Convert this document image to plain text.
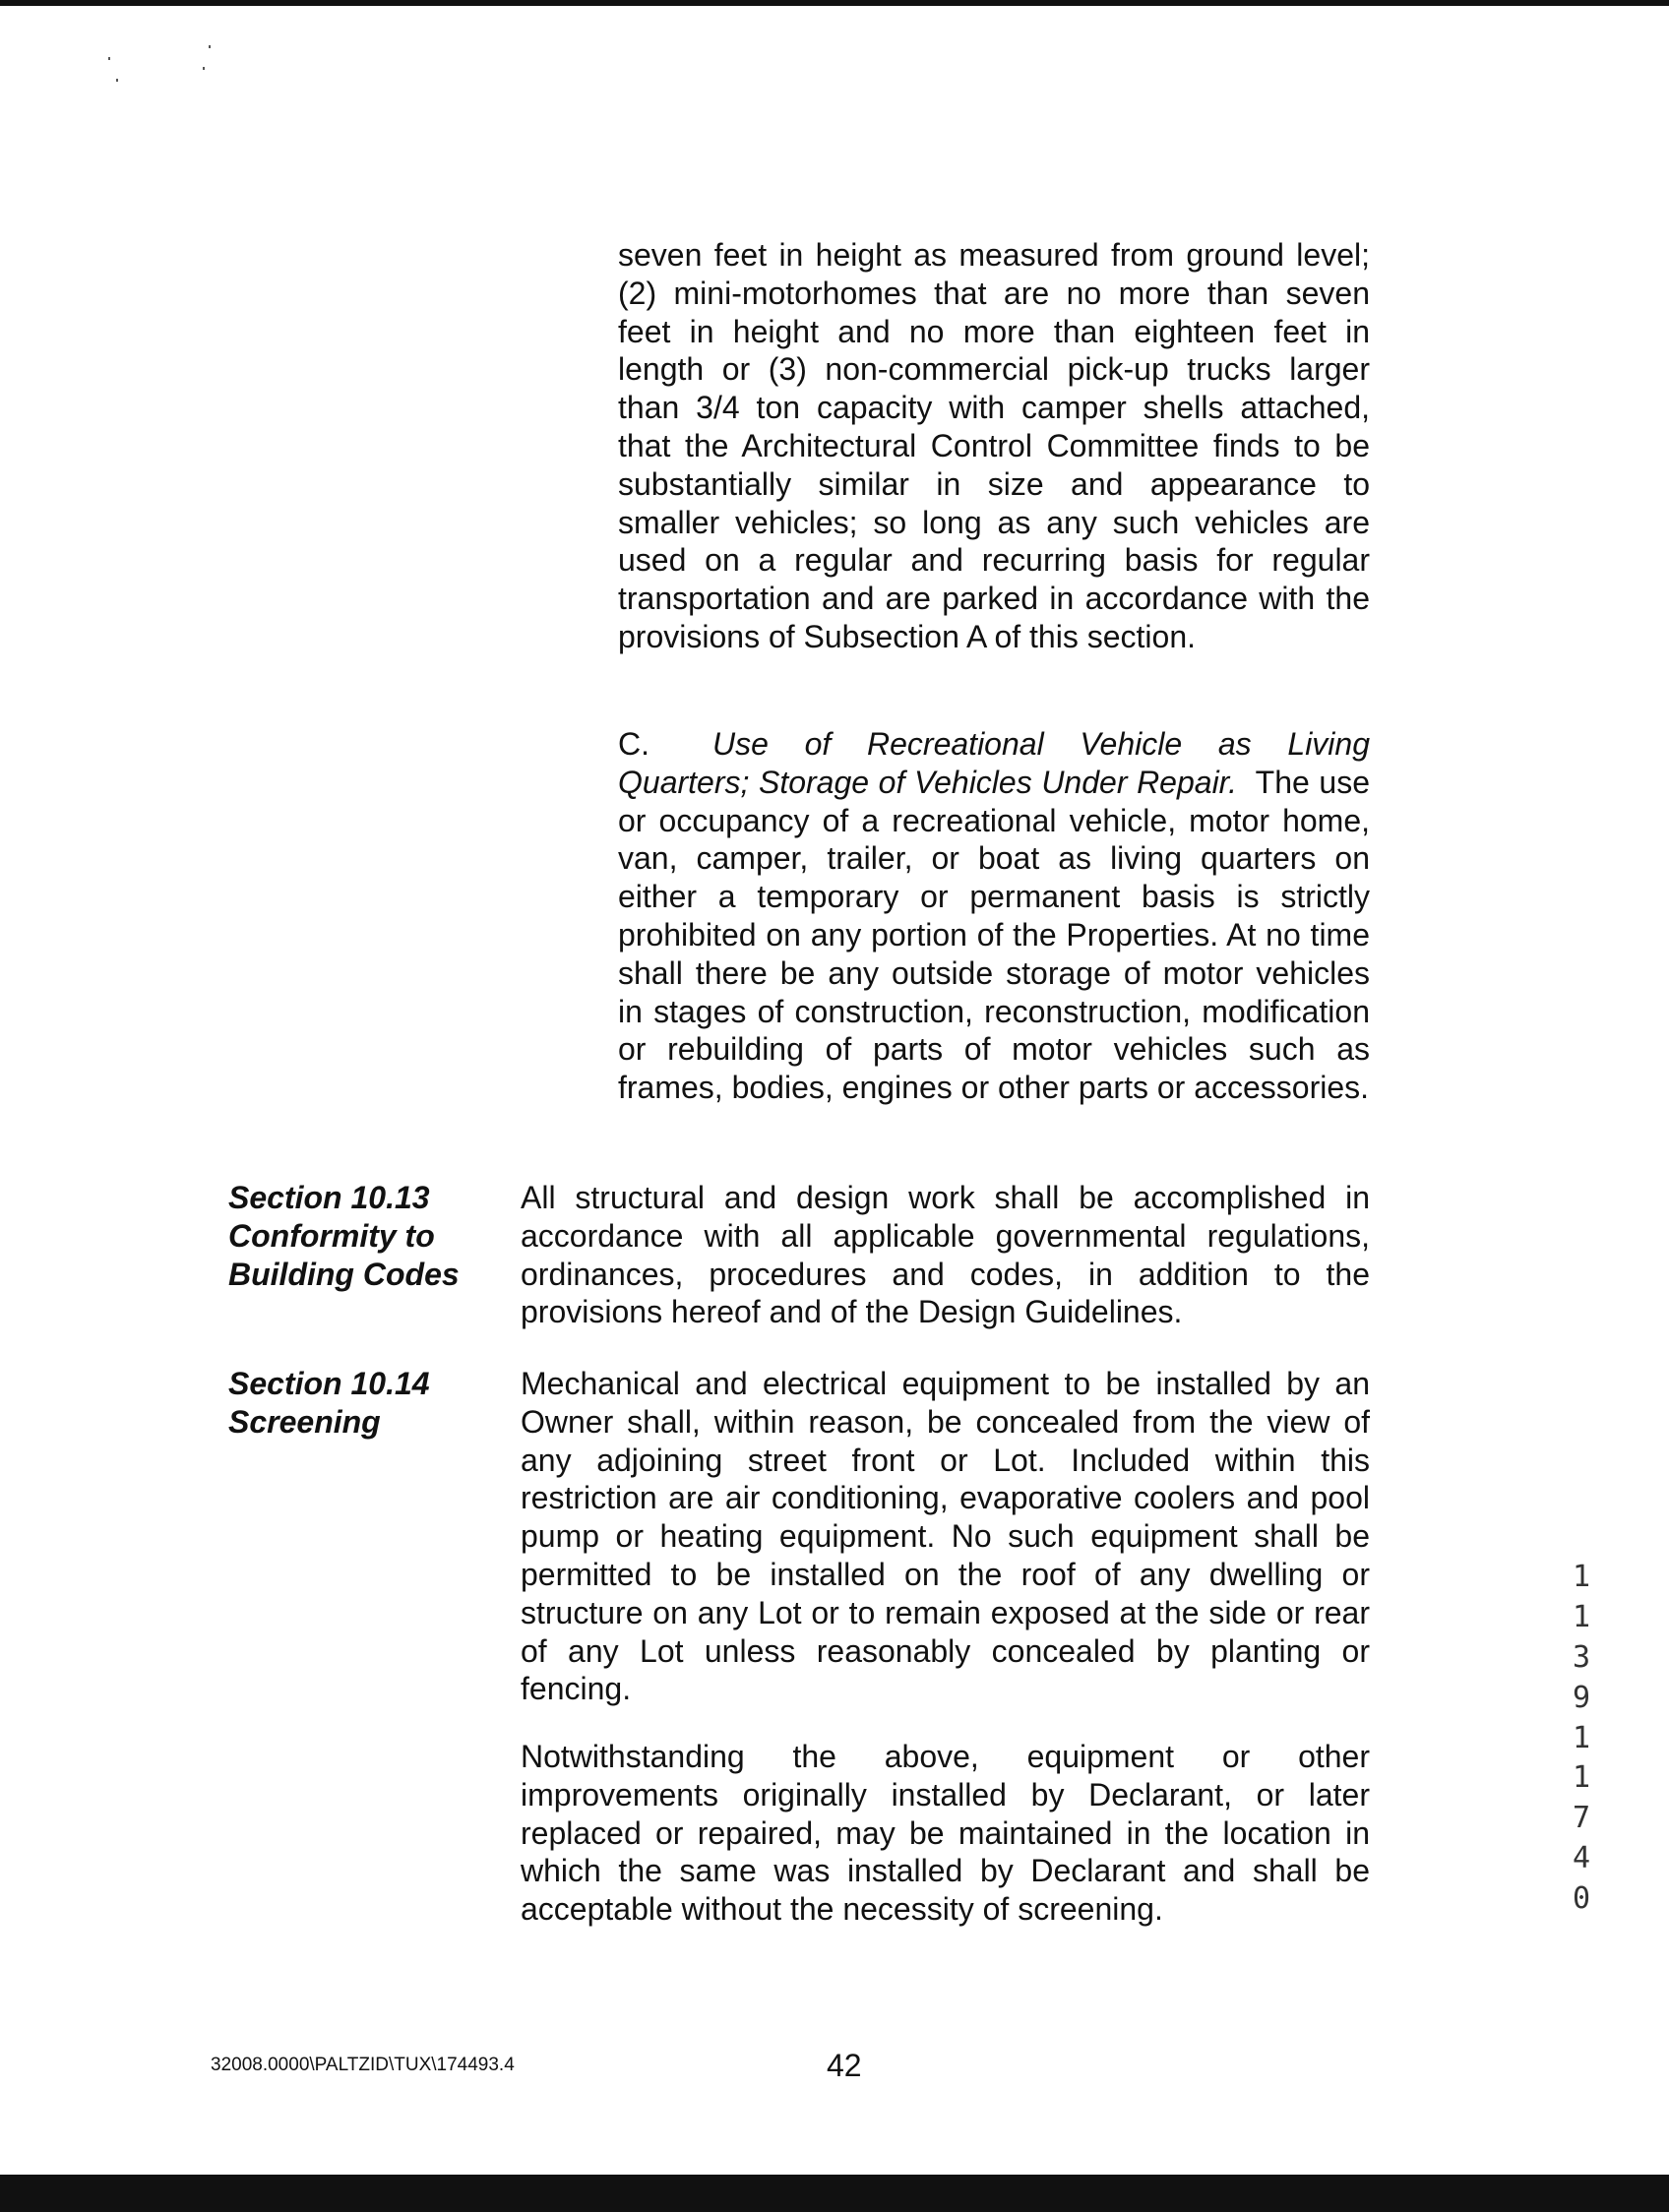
seven feet in height as measured from ground level; (2) mini-motorhomes that are no more than seven feet in height and no more than eighteen feet in length or (3) non-commercial pick-up trucks larger than 3/4 ton capacity with camper shells attached, that the Architectural Control Committee finds to be substantially similar in size and appearance to smaller vehicles; so long as any such vehicles are used on a regular and recurring basis for regular transportation and are parked in accordance with the provisions of Subsection A of this section.

C.   Use of Recreational Vehicle as Living Quarters; Storage of Vehicles Under Repair. The use or occupancy of a recreational vehicle, motor home, van, camper, trailer, or boat as living quarters on either a temporary or permanent basis is strictly prohibited on any portion of the Properties. At no time shall there be any outside storage of motor vehicles in stages of construction, reconstruction, modification or rebuilding of parts of motor vehicles such as frames, bodies, engines or other parts or accessories.

Section 10.13
Conformity to
Building Codes

All structural and design work shall be accomplished in accordance with all applicable governmental regulations, ordinances, procedures and codes, in addition to the provisions hereof and of the Design Guidelines.

Section 10.14
Screening

Mechanical and electrical equipment to be installed by an Owner shall, within reason, be concealed from the view of any adjoining street front or Lot. Included within this restriction are air conditioning, evaporative coolers and pool pump or heating equipment. No such equipment shall be permitted to be installed on the roof of any dwelling or structure on any Lot or to remain exposed at the side or rear of any Lot unless reasonably concealed by planting or fencing.

Notwithstanding the above, equipment or other improvements originally installed by Declarant, or later replaced or repaired, may be maintained in the location in which the same was installed by Declarant and shall be acceptable without the necessity of screening.

1
1
3
9
1
1
7
4
0

32008.0000\PALTZID\TUX\174493.4	42
